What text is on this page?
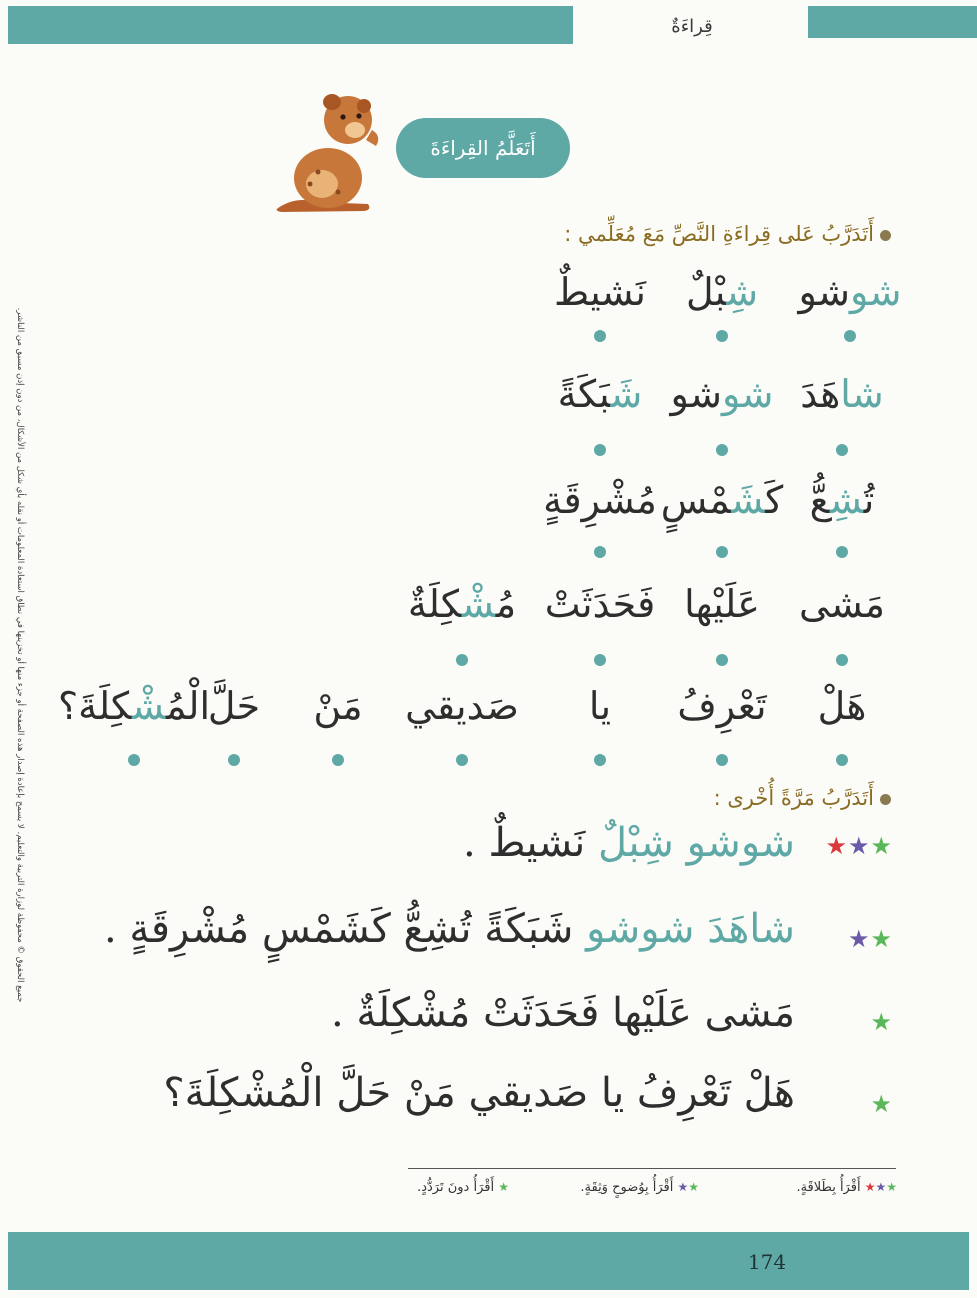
قِراءَةٌ
أَتَعَلَّمُ القِراءَةَ
أَتَدَرَّبُ عَلى قِراءَةِ النَّصِّ مَعَ مُعَلِّمي :
شوشو
شِبْلٌ
نَشيطٌ
شاهَدَ
شوشو
شَبَكَةً
تُشِعُّ
كَشَمْسٍ
مُشْرِقَةٍ
مَشى
عَلَيْها
فَحَدَثَتْ
مُشْكِلَةٌ
هَلْ
تَعْرِفُ
يا
صَديقي
مَنْ
حَلَّ
الْمُشْكِلَةَ؟
أَتَدَرَّبُ مَرَّةً أُخْرى :
★★★
شوشو شِبْلٌ نَشيطٌ .
★★
شاهَدَ شوشو شَبَكَةً تُشِعُّ كَشَمْسٍ مُشْرِقَةٍ .
★
مَشى عَلَيْها فَحَدَثَتْ مُشْكِلَةٌ .
★
هَلْ تَعْرِفُ يا صَديقي مَنْ حَلَّ الْمُشْكِلَةَ؟
★★★ أَقْرَأُ بِطَلاقَةٍ.
★★ أَقْرَأُ بِوُضوحٍ وَثِقَةٍ.
★ أَقْرَأُ دونَ تَرَدُّدٍ.
جميع الحقوق © محفوظة لوزارة التربية والتعليم. لا يسمح بإعادة إصدار هذه الصفحة أو جزء منها أو تخزينها في نطاق استعادة المعلومات أو نقله بأي شكل من الأشكال، من دون إذن مسبق من الناشر.
174
